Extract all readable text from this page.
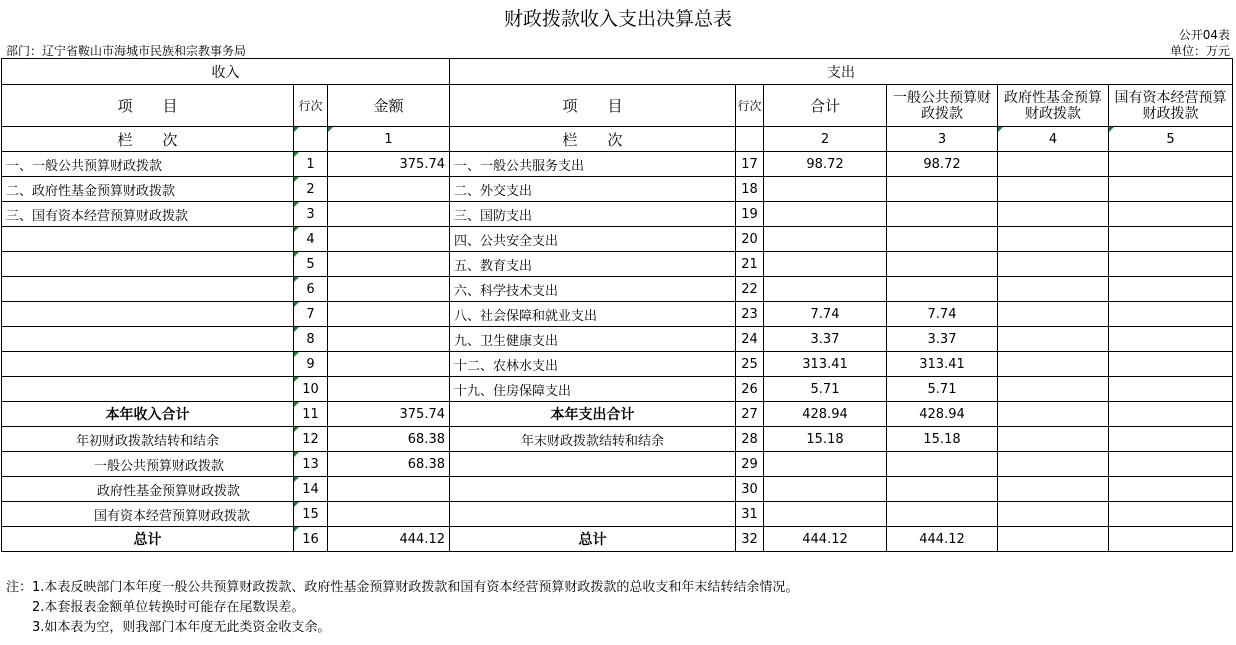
财政拨款收入支出决算总表
公开04表
部门：辽宁省鞍山市海城市民族和宗教事务局	单位：万元
收入			支出					
项　　目	行次	金额	项　　目	行次	合计	一般公共预算财政拨款	政府性基金预算财政拨款	国有资本经营预算财政拨款
栏　　次		1	栏　　次		2	3	4	5
一、一般公共预算财政拨款	1	375.74	一、一般公共服务支出	17	98.72	98.72		
二、政府性基金预算财政拨款	2		二、外交支出	18				
三、国有资本经营预算财政拨款	3		三、国防支出	19				
	4		四、公共安全支出	20				
	5		五、教育支出	21				
	6		六、科学技术支出	22				
	7		八、社会保障和就业支出	23	7.74	7.74		
	8		九、卫生健康支出	24	3.37	3.37		
	9		十二、农林水支出	25	313.41	313.41		
	10		十九、住房保障支出	26	5.71	5.71		
本年收入合计	11	375.74	本年支出合计	27	428.94	428.94		
年初财政拨款结转和结余	12	68.38	年末财政拨款结转和结余	28	15.18	15.18		
一般公共预算财政拨款	13	68.38		29				
政府性基金预算财政拨款	14			30				
国有资本经营预算财政拨款	15			31				
总计	16	444.12	总计	32	444.12	444.12		
注：1.本表反映部门本年度一般公共预算财政拨款、政府性基金预算财政拨款和国有资本经营预算财政拨款的总收支和年末结转结余情况。
　　2.本套报表金额单位转换时可能存在尾数误差。
　　3.如本表为空，则我部门本年度无此类资金收支余。
